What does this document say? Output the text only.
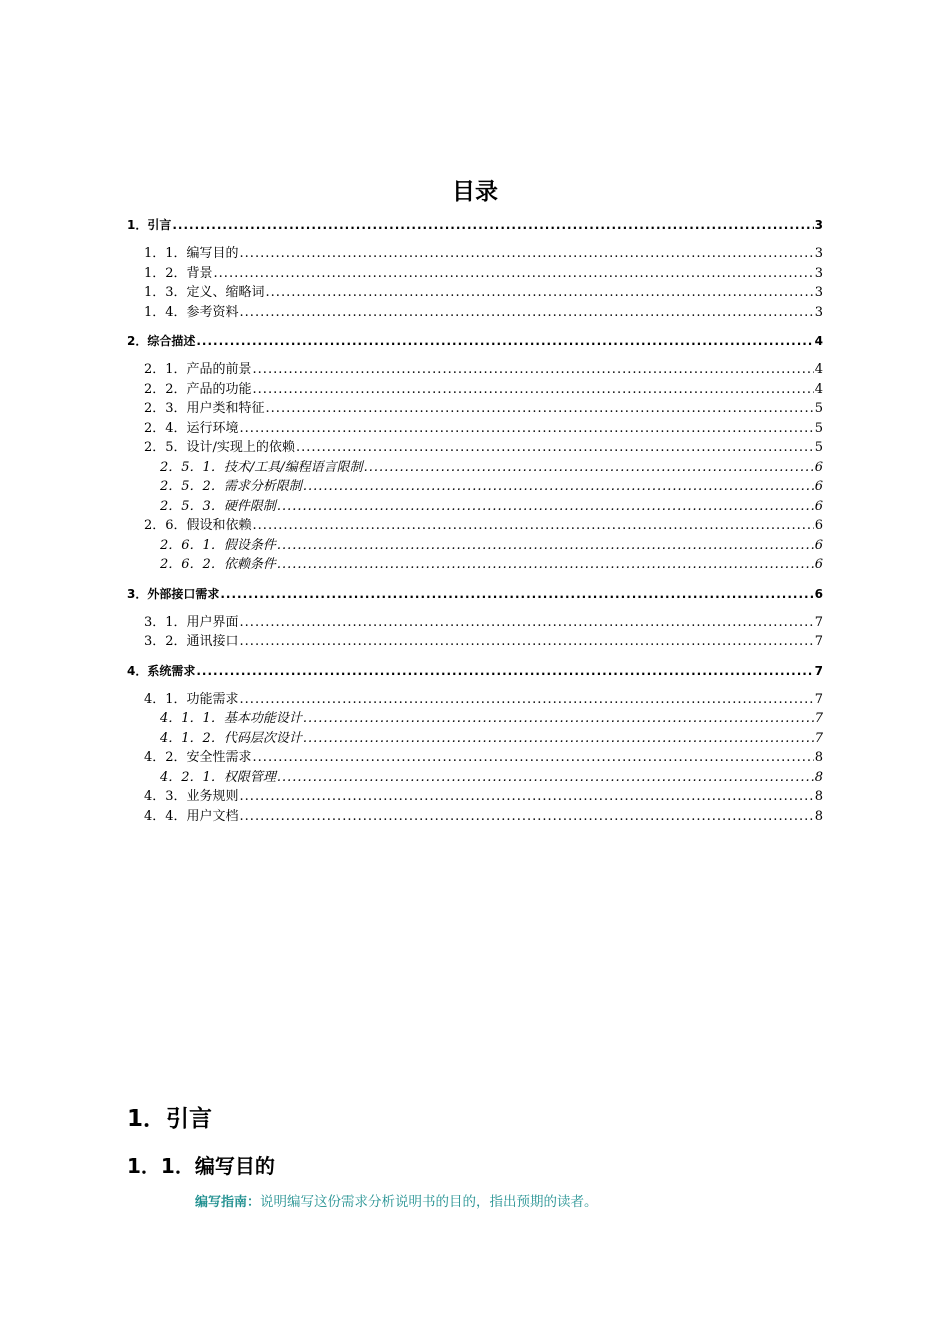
目录
1．引言 .....	3
1．1．编写目的 .....	3
1．2．背景 .....	3
1．3．定义、缩略词 .....	3
1．4．参考资料 .....	3
2．综合描述 .....	4
2．1．产品的前景 .....	4
2．2．产品的功能 .....	4
2．3．用户类和特征 .....	5
2．4．运行环境 .....	5
2．5．设计/实现上的依赖 .....	5
2．5．1．技术/工具/编程语言限制 .....	6
2．5．2．需求分析限制 .....	6
2．5．3．硬件限制 .....	6
2．6．假设和依赖 .....	6
2．6．1．假设条件 .....	6
2．6．2．依赖条件 .....	6
3．外部接口需求 .....	6
3．1．用户界面 .....	7
3．2．通讯接口 .....	7
4．系统需求 .....	7
4．1．功能需求 .....	7
4．1．1．基本功能设计 .....	7
4．1．2．代码层次设计 .....	7
4．2．安全性需求 .....	8
4．2．1．权限管理 .....	8
4．3．业务规则 .....	8
4．4．用户文档 .....	8
1．引言
1．1．编写目的
编写指南：说明编写这份需求分析说明书的目的，指出预期的读者。
